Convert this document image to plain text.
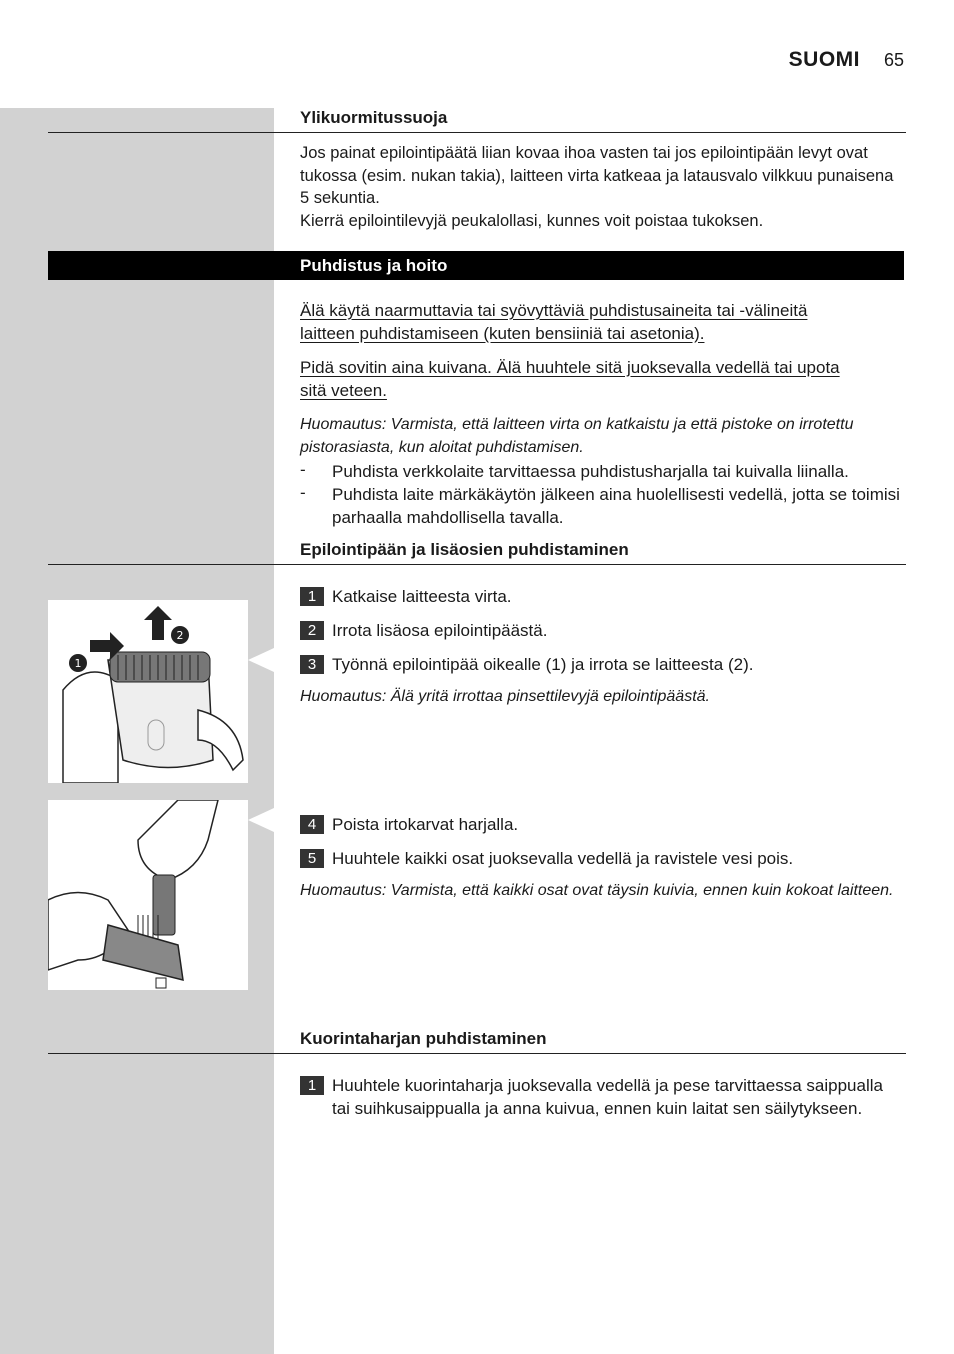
SUOMI 65
Ylikuormitussuoja
Jos painat epilointipäätä liian kovaa ihoa vasten tai jos epilointipään levyt ovat tukossa (esim. nukan takia), laitteen virta katkeaa ja latausvalo vilkkuu punaisena 5 sekuntia.
Kierrä epilointilevyjä peukalollasi, kunnes voit poistaa tukoksen.
Puhdistus ja hoito
Älä käytä naarmuttavia tai syövyttäviä puhdistusaineita tai -välineitä
laitteen puhdistamiseen (kuten bensiiniä tai asetonia).
Pidä sovitin aina kuivana. Älä huuhtele sitä juoksevalla vedellä tai upota
sitä veteen.
Huomautus: Varmista, että laitteen virta on katkaistu ja että pistoke on irrotettu pistorasiasta, kun aloitat puhdistamisen.
- Puhdista verkkolaite tarvittaessa puhdistusharjalla tai kuivalla liinalla.
- Puhdista laite märkäkäytön jälkeen aina huolellisesti vedellä, jotta se toimisi parhaalla mahdollisella tavalla.
Epilointipään ja lisäosien puhdistaminen
1
2
1 Katkaise laitteesta virta.
2 Irrota lisäosa epilointipäästä.
3 Työnnä epilointipää oikealle (1) ja irrota se laitteesta (2).
Huomautus: Älä yritä irrottaa pinsettilevyjä epilointipäästä.
4 Poista irtokarvat harjalla.
5 Huuhtele kaikki osat juoksevalla vedellä ja ravistele vesi pois.
Huomautus: Varmista, että kaikki osat ovat täysin kuivia, ennen kuin kokoat laitteen.
Kuorintaharjan puhdistaminen
1 Huuhtele kuorintaharja juoksevalla vedellä ja pese tarvittaessa saippualla tai suihkusaippualla ja anna kuivua, ennen kuin laitat sen säilytykseen.
